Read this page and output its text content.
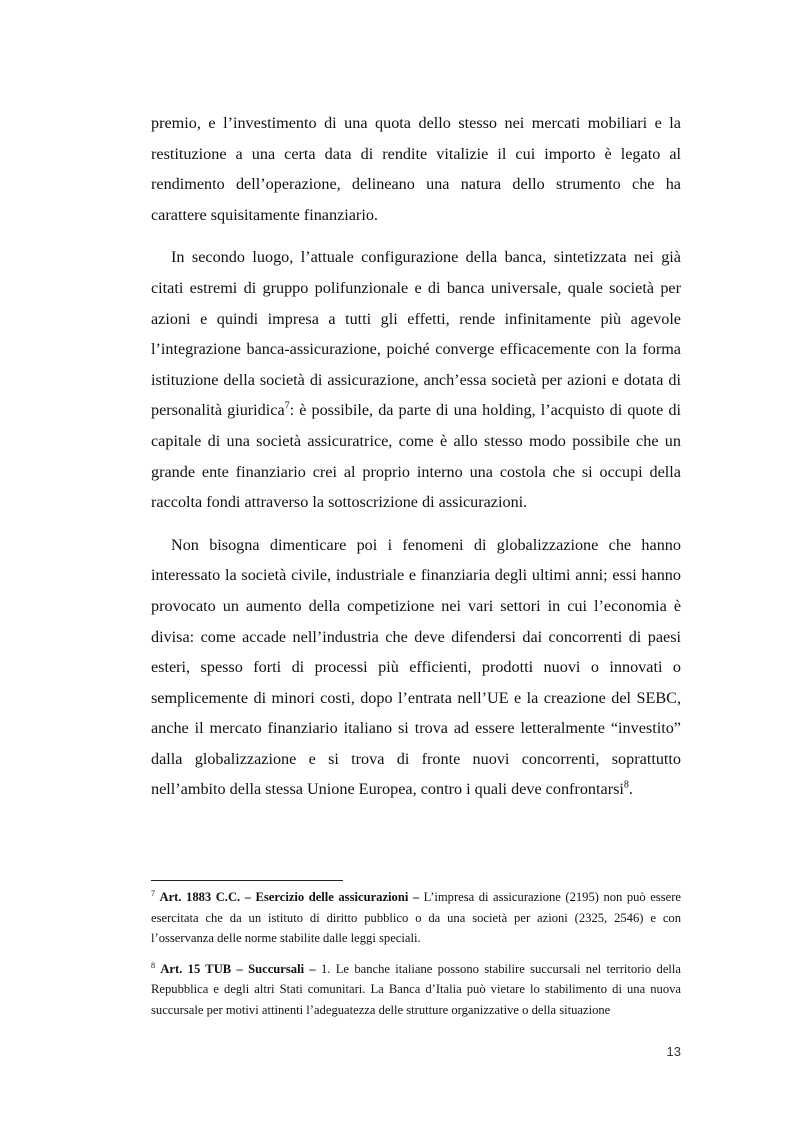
premio, e l’investimento di una quota dello stesso nei mercati mobiliari e la restituzione a una certa data di rendite vitalizie il cui importo è legato al rendimento dell’operazione, delineano una natura dello strumento che ha carattere squisitamente finanziario.

In secondo luogo, l’attuale configurazione della banca, sintetizzata nei già citati estremi di gruppo polifunzionale e di banca universale, quale società per azioni e quindi impresa a tutti gli effetti, rende infinitamente più agevole l’integrazione banca-assicurazione, poiché converge efficacemente con la forma istituzione della società di assicurazione, anch’essa società per azioni e dotata di personalità giuridica$^7$: è possibile, da parte di una holding, l’acquisto di quote di capitale di una società assicuratrice, come è allo stesso modo possibile che un grande ente finanziario crei al proprio interno una costola che si occupi della raccolta fondi attraverso la sottoscrizione di assicurazioni.

Non bisogna dimenticare poi i fenomeni di globalizzazione che hanno interessato la società civile, industriale e finanziaria degli ultimi anni; essi hanno provocato un aumento della competizione nei vari settori in cui l’economia è divisa: come accade nell’industria che deve difendersi dai concorrenti di paesi esteri, spesso forti di processi più efficienti, prodotti nuovi o innovati o semplicemente di minori costi, dopo l’entrata nell’UE e la creazione del SEBC, anche il mercato finanziario italiano si trova ad essere letteralmente “investito” dalla globalizzazione e si trova di fronte nuovi concorrenti, soprattutto nell’ambito della stessa Unione Europea, contro i quali deve confrontarsi$^8$.

$^7$ Art. 1883 C.C. – Esercizio delle assicurazioni – L’impresa di assicurazione (2195) non può essere esercitata che da un istituto di diritto pubblico o da una società per azioni (2325, 2546) e con l’osservanza delle norme stabilite dalle leggi speciali.

$^8$ Art. 15 TUB – Succursali – 1. Le banche italiane possono stabilire succursali nel territorio della Repubblica e degli altri Stati comunitari. La Banca d’Italia può vietare lo stabilimento di una nuova succursale per motivi attinenti l’adeguatezza delle strutture organizzative o della situazione

13
